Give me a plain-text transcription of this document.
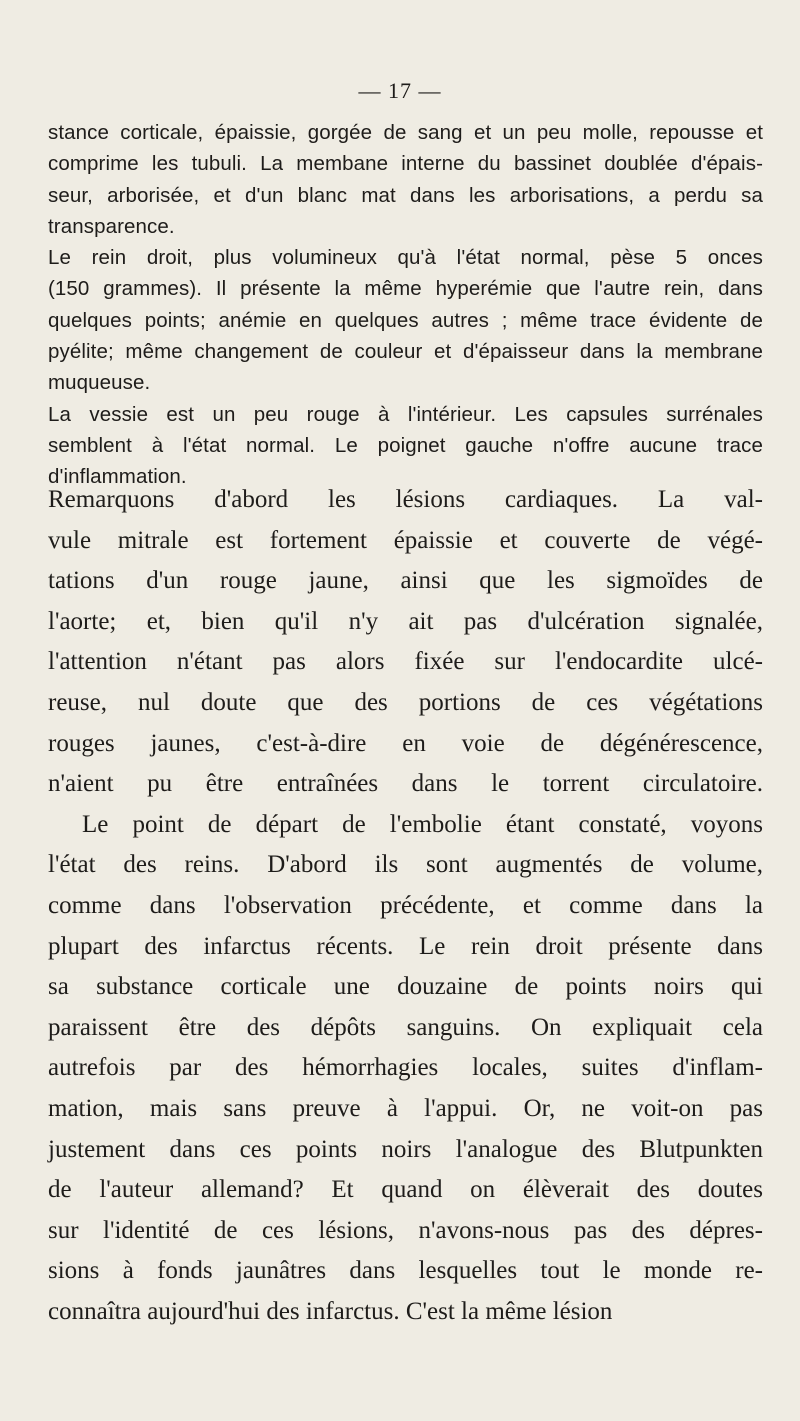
— 17 —
stance corticale, épaissie, gorgée de sang et un peu molle, repousse et
comprime les tubuli. La membane interne du bassinet doublée d'épais-
seur, arborisée, et d'un blanc mat dans les arborisations, a perdu sa
transparence.
Le rein droit, plus volumineux qu'à l'état normal, pèse 5 onces
(150 grammes). Il présente la même hyperémie que l'autre rein, dans
quelques points; anémie en quelques autres ; même trace évidente de
pyélite; même changement de couleur et d'épaisseur dans la membrane
muqueuse.
La vessie est un peu rouge à l'intérieur. Les capsules surrénales
semblent à l'état normal. Le poignet gauche n'offre aucune trace
d'inflammation.
Remarquons d'abord les lésions cardiaques. La val-
vule mitrale est fortement épaissie et couverte de végé-
tations d'un rouge jaune, ainsi que les sigmoïdes de
l'aorte; et, bien qu'il n'y ait pas d'ulcération signalée,
l'attention n'étant pas alors fixée sur l'endocardite ulcé-
reuse, nul doute que des portions de ces végétations
rouges jaunes, c'est-à-dire en voie de dégénérescence,
n'aient pu être entraînées dans le torrent circulatoire.
Le point de départ de l'embolie étant constaté, voyons
l'état des reins. D'abord ils sont augmentés de volume,
comme dans l'observation précédente, et comme dans la
plupart des infarctus récents. Le rein droit présente dans
sa substance corticale une douzaine de points noirs qui
paraissent être des dépôts sanguins. On expliquait cela
autrefois par des hémorrhagies locales, suites d'inflam-
mation, mais sans preuve à l'appui. Or, ne voit-on pas
justement dans ces points noirs l'analogue des Blutpunkten
de l'auteur allemand? Et quand on élèverait des doutes
sur l'identité de ces lésions, n'avons-nous pas des dépres-
sions à fonds jaunâtres dans lesquelles tout le monde re-
connaîtra aujourd'hui des infarctus. C'est la même lésion
